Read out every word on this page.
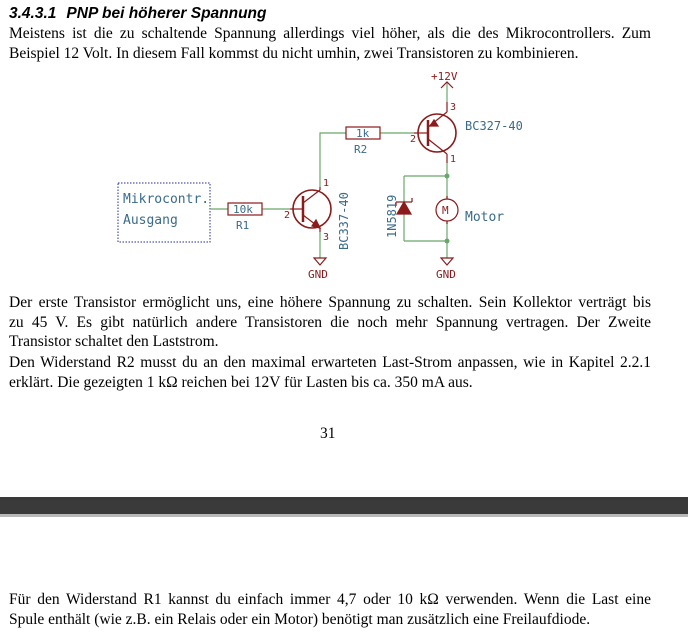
3.4.3.1 PNP bei höherer Spannung
Meistens ist die zu schaltende Spannung allerdings viel höher, als die des Mikrocontrollers. Zum
Beispiel 12 Volt. In diesem Fall kommst du nicht umhin, zwei Transistoren zu kombinieren.
Mikrocontr.
Ausgang
+12V
10k
R1
1k
R2
2
1
3 BC337-40
2
3
1
BC327-40
1N5819	M Motor
GND	GND
Der erste Transistor ermöglicht uns, eine höhere Spannung zu schalten. Sein Kollektor verträgt bis
zu 45 V. Es gibt natürlich andere Transistoren die noch mehr Spannung vertragen. Der Zweite
Transistor schaltet den Laststrom.
Den Widerstand R2 musst du an den maximal erwarteten Last-Strom anpassen, wie in Kapitel 2.2.1
erklärt. Die gezeigten 1 kΩ reichen bei 12V für Lasten bis ca. 350 mA aus.
31
Für den Widerstand R1 kannst du einfach immer 4,7 oder 10 kΩ verwenden. Wenn die Last eine
Spule enthält (wie z.B. ein Relais oder ein Motor) benötigt man zusätzlich eine Freilaufdiode.
